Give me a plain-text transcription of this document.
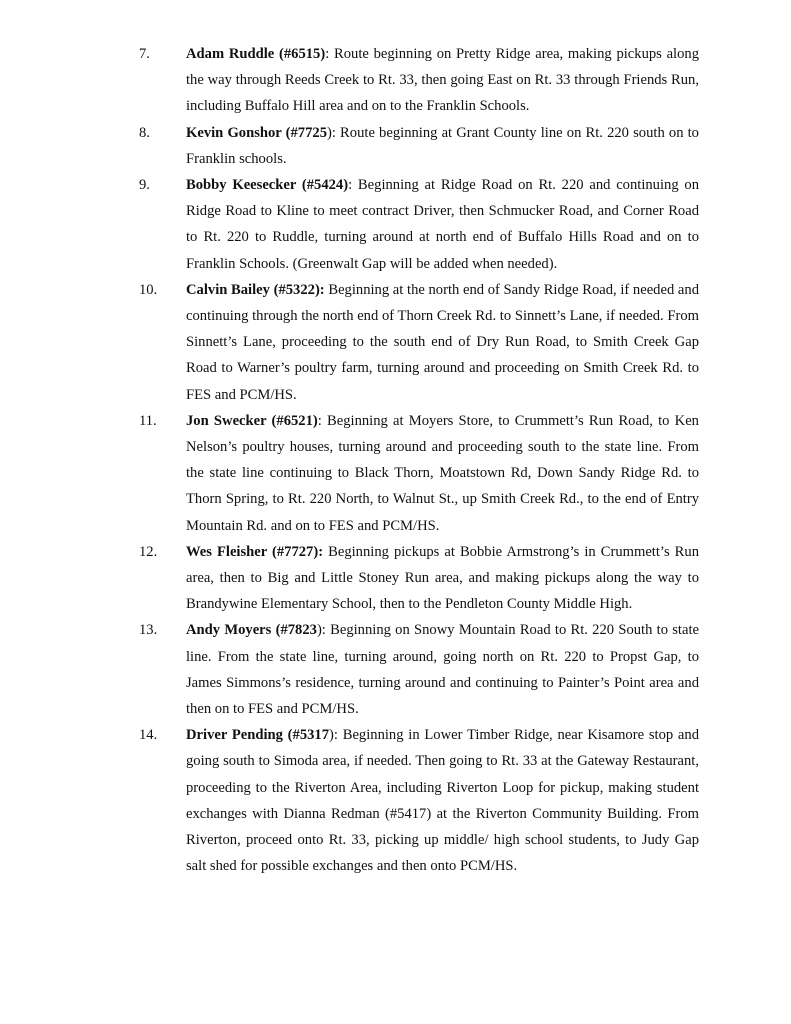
7. Adam Ruddle (#6515): Route beginning on Pretty Ridge area, making pickups along the way through Reeds Creek to Rt. 33, then going East on Rt. 33 through Friends Run, including Buffalo Hill area and on to the Franklin Schools.
8. Kevin Gonshor (#7725): Route beginning at Grant County line on Rt. 220 south on to Franklin schools.
9. Bobby Keesecker (#5424): Beginning at Ridge Road on Rt. 220 and continuing on Ridge Road to Kline to meet contract Driver, then Schmucker Road, and Corner Road to Rt. 220 to Ruddle, turning around at north end of Buffalo Hills Road and on to Franklin Schools. (Greenwalt Gap will be added when needed).
10. Calvin Bailey (#5322): Beginning at the north end of Sandy Ridge Road, if needed and continuing through the north end of Thorn Creek Rd. to Sinnett’s Lane, if needed. From Sinnett’s Lane, proceeding to the south end of Dry Run Road, to Smith Creek Gap Road to Warner’s poultry farm, turning around and proceeding on Smith Creek Rd. to FES and PCM/HS.
11. Jon Swecker (#6521): Beginning at Moyers Store, to Crummett’s Run Road, to Ken Nelson’s poultry houses, turning around and proceeding south to the state line. From the state line continuing to Black Thorn, Moatstown Rd, Down Sandy Ridge Rd. to Thorn Spring, to Rt. 220 North, to Walnut St., up Smith Creek Rd., to the end of Entry Mountain Rd. and on to FES and PCM/HS.
12. Wes Fleisher (#7727): Beginning pickups at Bobbie Armstrong’s in Crummett’s Run area, then to Big and Little Stoney Run area, and making pickups along the way to Brandywine Elementary School, then to the Pendleton County Middle High.
13. Andy Moyers (#7823): Beginning on Snowy Mountain Road to Rt. 220 South to state line. From the state line, turning around, going north on Rt. 220 to Propst Gap, to James Simmons’s residence, turning around and continuing to Painter’s Point area and then on to FES and PCM/HS.
14. Driver Pending (#5317): Beginning in Lower Timber Ridge, near Kisamore stop and going south to Simoda area, if needed. Then going to Rt. 33 at the Gateway Restaurant, proceeding to the Riverton Area, including Riverton Loop for pickup, making student exchanges with Dianna Redman (#5417) at the Riverton Community Building. From Riverton, proceed onto Rt. 33, picking up middle/ high school students, to Judy Gap salt shed for possible exchanges and then onto PCM/HS.
